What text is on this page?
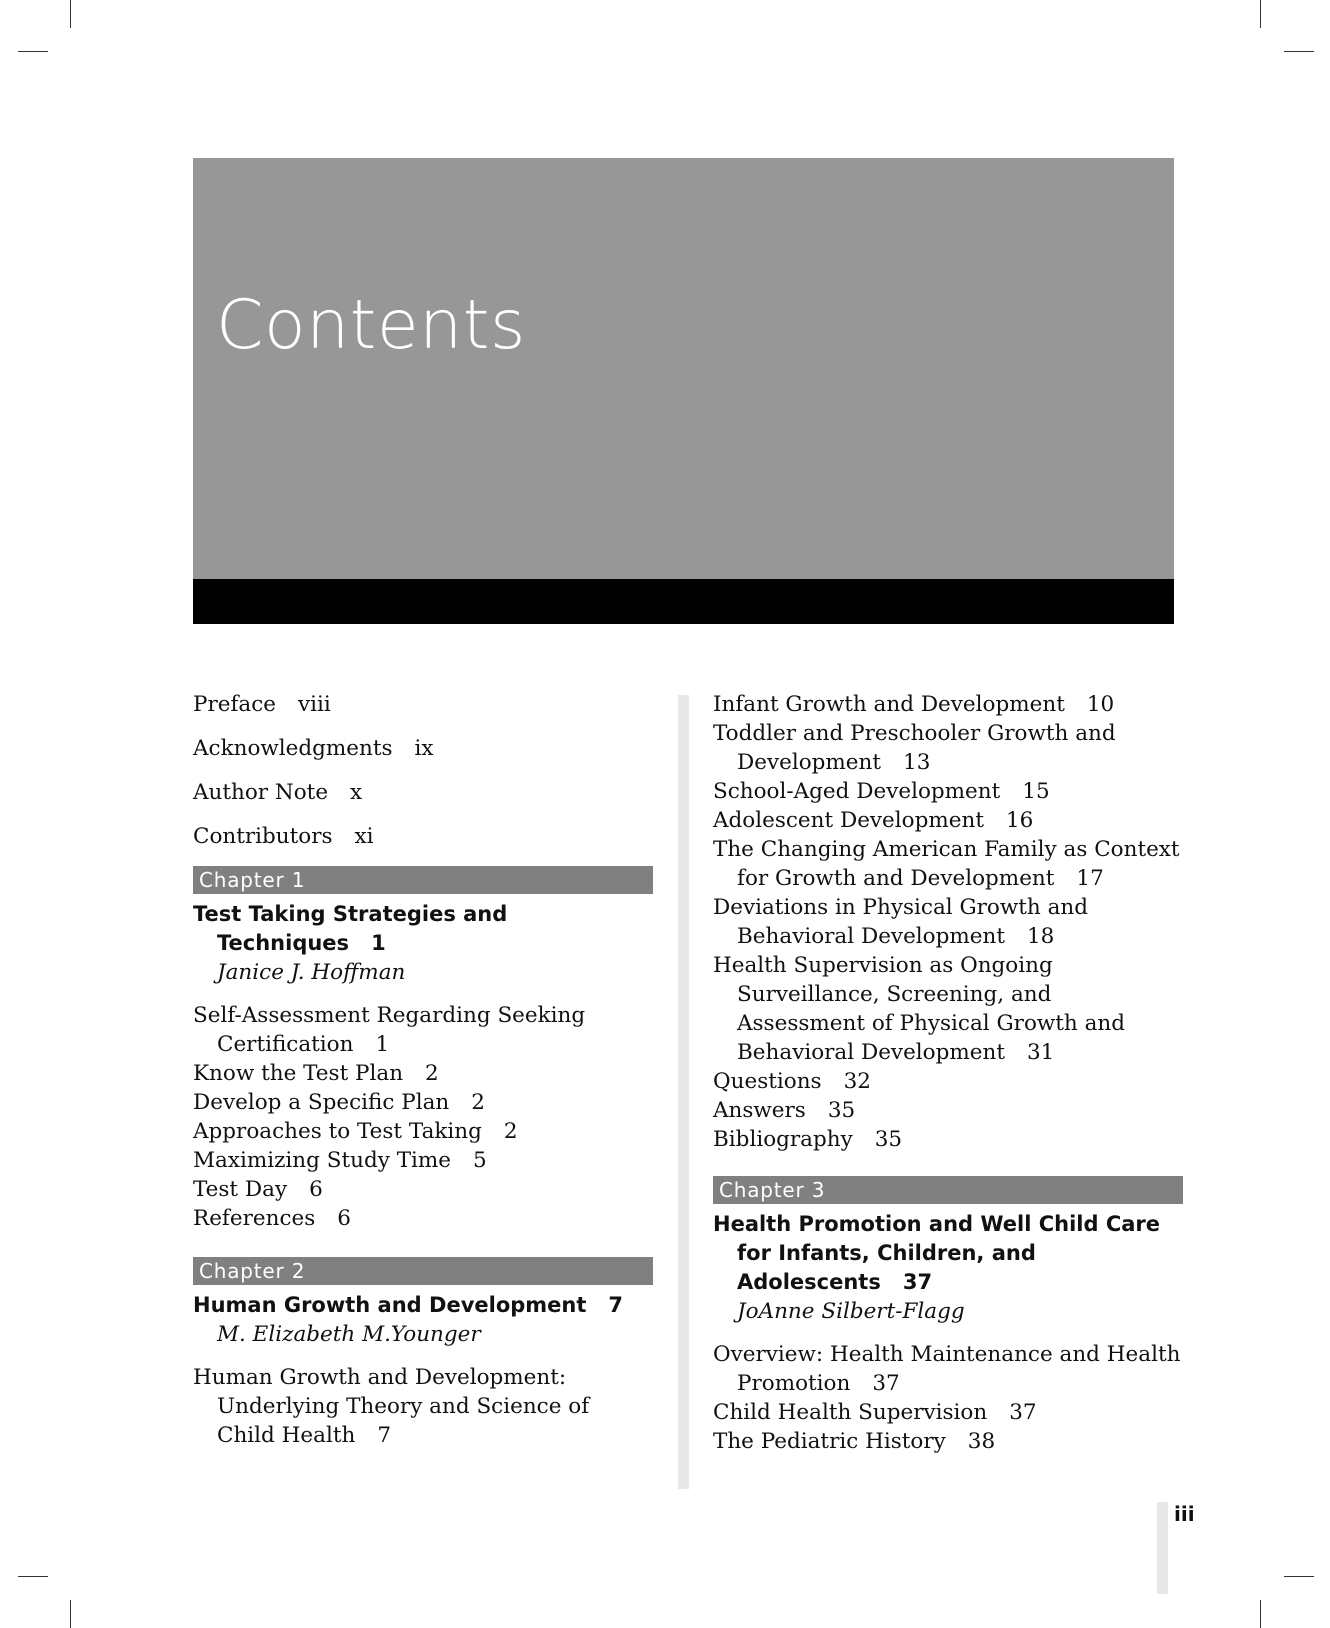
Contents
Preface viii
Acknowledgments ix
Author Note x
Contributors xi
Chapter 1
Test Taking Strategies and Techniques 1
Janice J. Hoffman
Self-Assessment Regarding Seeking Certification 1
Know the Test Plan 2
Develop a Specific Plan 2
Approaches to Test Taking 2
Maximizing Study Time 5
Test Day 6
References 6
Chapter 2
Human Growth and Development 7
M. Elizabeth M.Younger
Human Growth and Development: Underlying Theory and Science of Child Health 7
Infant Growth and Development 10
Toddler and Preschooler Growth and Development 13
School-Aged Development 15
Adolescent Development 16
The Changing American Family as Context for Growth and Development 17
Deviations in Physical Growth and Behavioral Development 18
Health Supervision as Ongoing Surveillance, Screening, and Assessment of Physical Growth and Behavioral Development 31
Questions 32
Answers 35
Bibliography 35
Chapter 3
Health Promotion and Well Child Care for Infants, Children, and Adolescents 37
JoAnne Silbert-Flagg
Overview: Health Maintenance and Health Promotion 37
Child Health Supervision 37
The Pediatric History 38
iii
